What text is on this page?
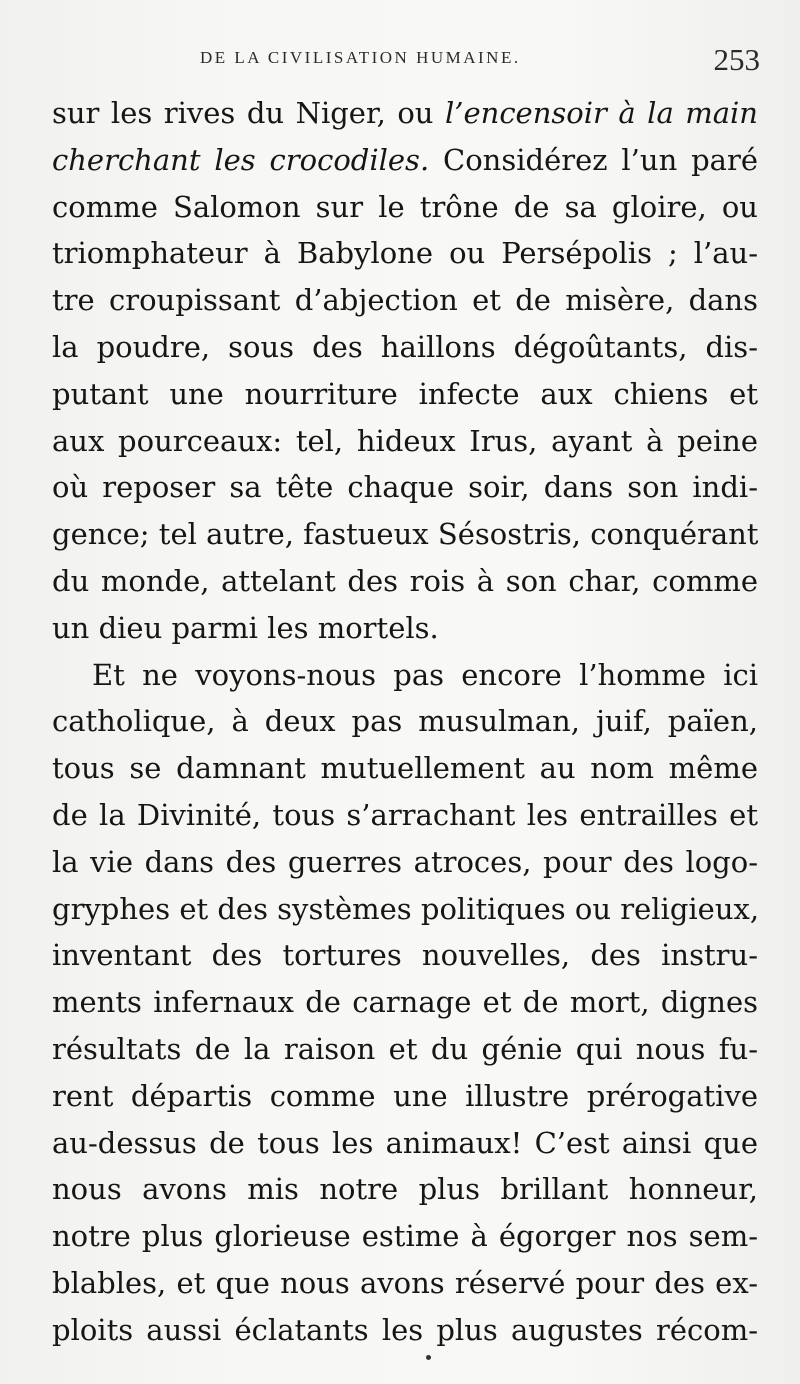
DE LA CIVILISATION HUMAINE.	253
sur les rives du Niger, ou l’encensoir à la main
cherchant les crocodiles. Considérez l’un paré
comme Salomon sur le trône de sa gloire, ou
triomphateur à Babylone ou Persépolis ; l’au-
tre croupissant d’abjection et de misère, dans
la poudre, sous des haillons dégoûtants, dis-
putant une nourriture infecte aux chiens et
aux pourceaux: tel, hideux Irus, ayant à peine
où reposer sa tête chaque soir, dans son indi-
gence; tel autre, fastueux Sésostris, conquérant
du monde, attelant des rois à son char, comme
un dieu parmi les mortels.
Et ne voyons-nous pas encore l’homme ici
catholique, à deux pas musulman, juif, païen,
tous se damnant mutuellement au nom même
de la Divinité, tous s’arrachant les entrailles et
la vie dans des guerres atroces, pour des logo-
gryphes et des systèmes politiques ou religieux,
inventant des tortures nouvelles, des instru-
ments infernaux de carnage et de mort, dignes
résultats de la raison et du génie qui nous fu-
rent départis comme une illustre prérogative
au-dessus de tous les animaux! C’est ainsi que
nous avons mis notre plus brillant honneur,
notre plus glorieuse estime à égorger nos sem-
blables, et que nous avons réservé pour des ex-
ploits aussi éclatants les plus augustes récom-
